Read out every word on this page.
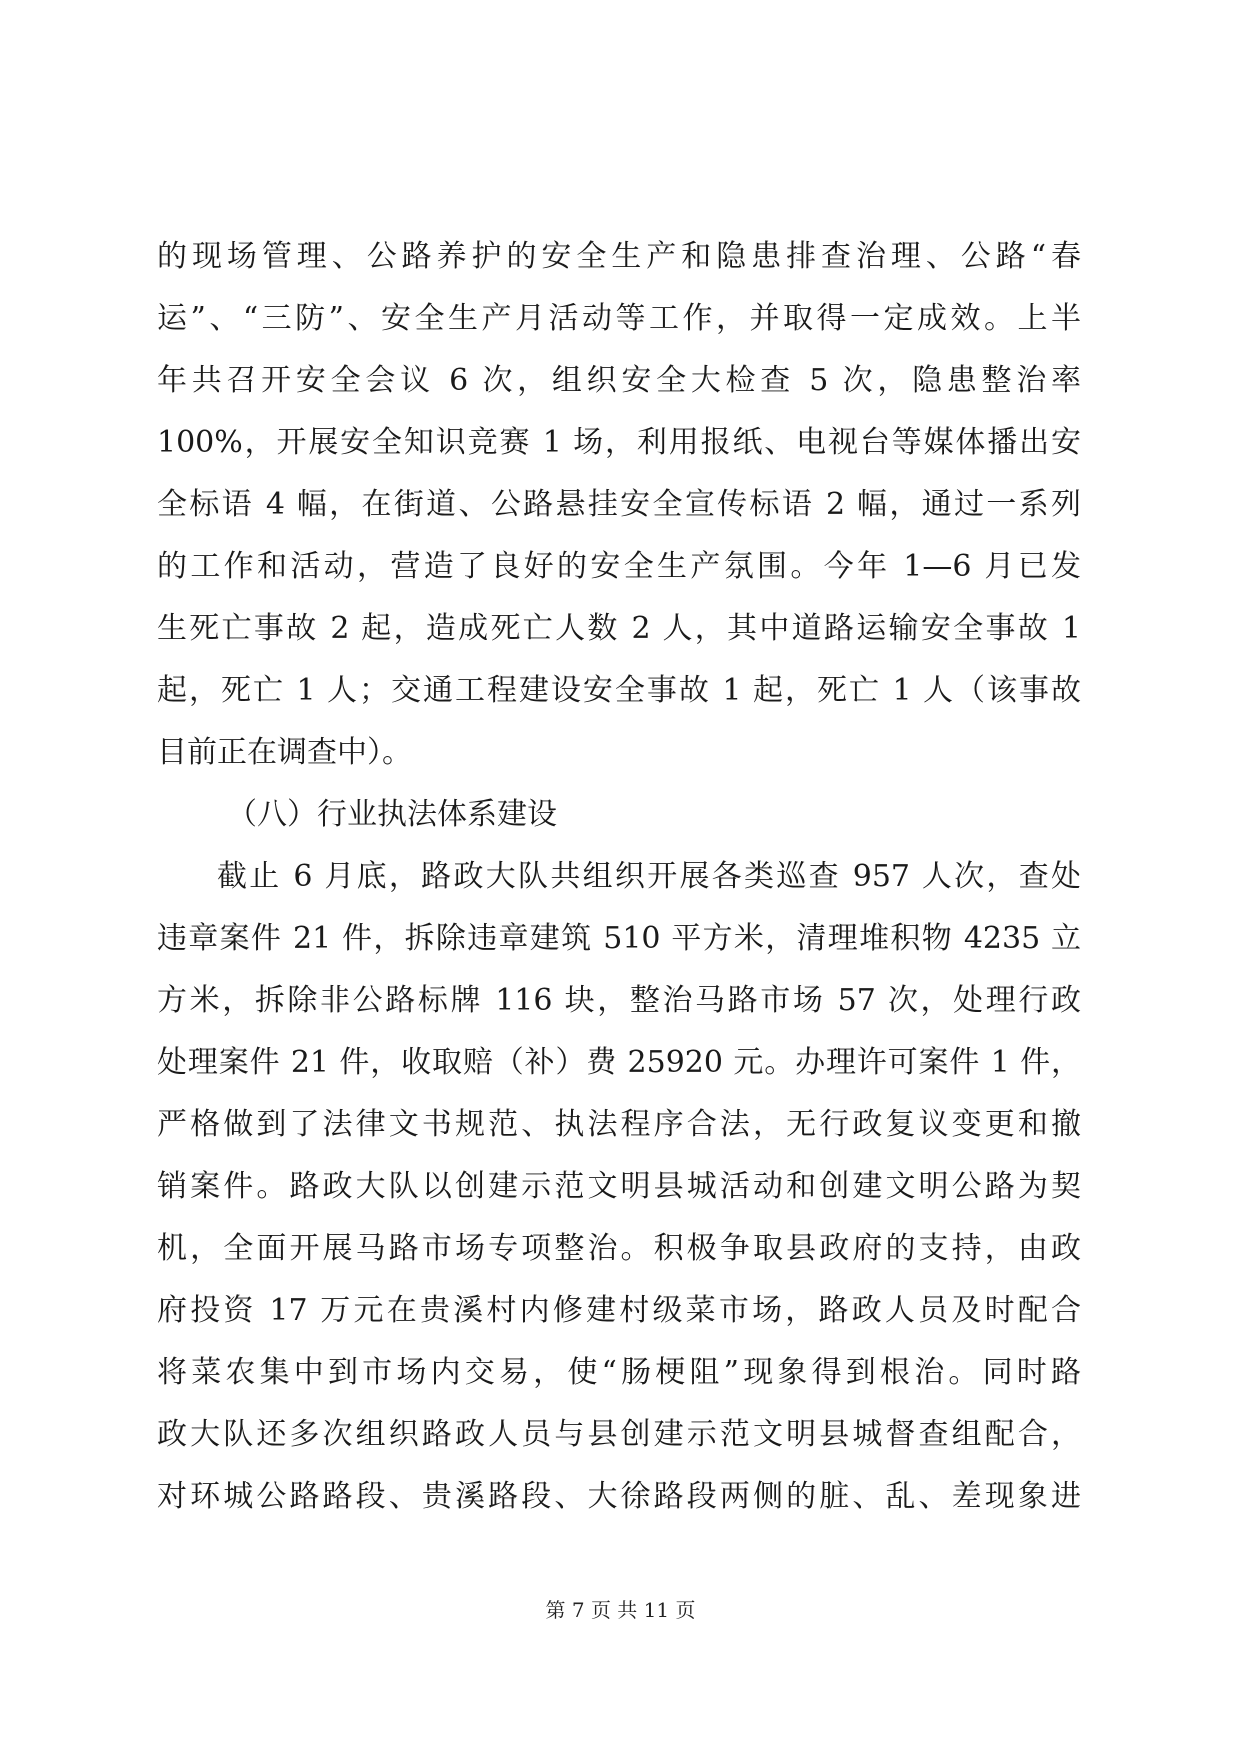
的现场管理、公路养护的安全生产和隐患排查治理、公路“春
运”、“三防”、安全生产月活动等工作，并取得一定成效。上半
年共召开安全会议 6 次，组织安全大检查 5 次，隐患整治率
100%，开展安全知识竞赛 1 场，利用报纸、电视台等媒体播出安
全标语 4 幅，在街道、公路悬挂安全宣传标语 2 幅，通过一系列
的工作和活动，营造了良好的安全生产氛围。今年 1—6 月已发
生死亡事故 2 起，造成死亡人数 2 人，其中道路运输安全事故 1
起，死亡 1 人；交通工程建设安全事故 1 起，死亡 1 人（该事故
目前正在调查中）。
（八）行业执法体系建设
截止 6 月底，路政大队共组织开展各类巡查 957 人次，查处
违章案件 21 件，拆除违章建筑 510 平方米，清理堆积物 4235 立
方米，拆除非公路标牌 116 块，整治马路市场 57 次，处理行政
处理案件 21 件，收取赔（补）费 25920 元。办理许可案件 1 件，
严格做到了法律文书规范、执法程序合法，无行政复议变更和撤
销案件。路政大队以创建示范文明县城活动和创建文明公路为契
机，全面开展马路市场专项整治。积极争取县政府的支持，由政
府投资 17 万元在贵溪村内修建村级菜市场，路政人员及时配合
将菜农集中到市场内交易，使“肠梗阻”现象得到根治。同时路
政大队还多次组织路政人员与县创建示范文明县城督查组配合，
对环城公路路段、贵溪路段、大徐路段两侧的脏、乱、差现象进
第 7 页 共 11 页
